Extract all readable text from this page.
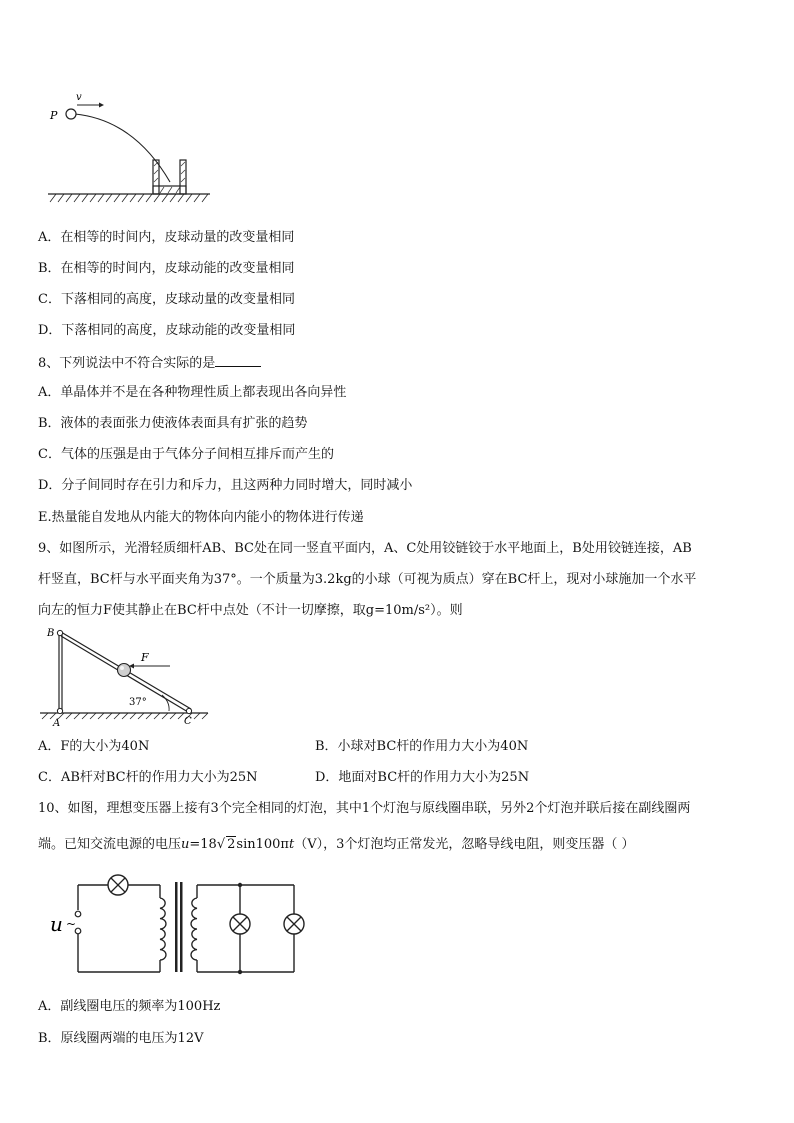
v
P
A．在相等的时间内，皮球动量的改变量相同
B．在相等的时间内，皮球动能的改变量相同
C．下落相同的高度，皮球动量的改变量相同
D．下落相同的高度，皮球动能的改变量相同
8、下列说法中不符合实际的是
A．单晶体并不是在各种物理性质上都表现出各向异性
B．液体的表面张力使液体表面具有扩张的趋势
C．气体的压强是由于气体分子间相互排斥而产生的
D．分子间同时存在引力和斥力，且这两种力同时增大，同时减小
E.热量能自发地从内能大的物体向内能小的物体进行传递
9、如图所示，光滑轻质细杆AB、BC处在同一竖直平面内，A、C处用铰链铰于水平地面上，B处用铰链连接，AB
杆竖直，BC杆与水平面夹角为37°。一个质量为3.2kg的小球（可视为质点）穿在BC杆上，现对小球施加一个水平
向左的恒力F使其静止在BC杆中点处（不计一切摩擦，取g=10m/s²）。则
F
37°
B
A	C
A．F的大小为40N	B．小球对BC杆的作用力大小为40N
C．AB杆对BC杆的作用力大小为25N	D．地面对BC杆的作用力大小为25N
10、如图，理想变压器上接有3个完全相同的灯泡，其中1个灯泡与原线圈串联，另外2个灯泡并联后接在副线圈两
端。已知交流电源的电压u=18√ 2sin100πt（V），3个灯泡均正常发光，忽略导线电阻，则变压器（ ）
u ~
A．副线圈电压的频率为100Hz
B．原线圈两端的电压为12V
